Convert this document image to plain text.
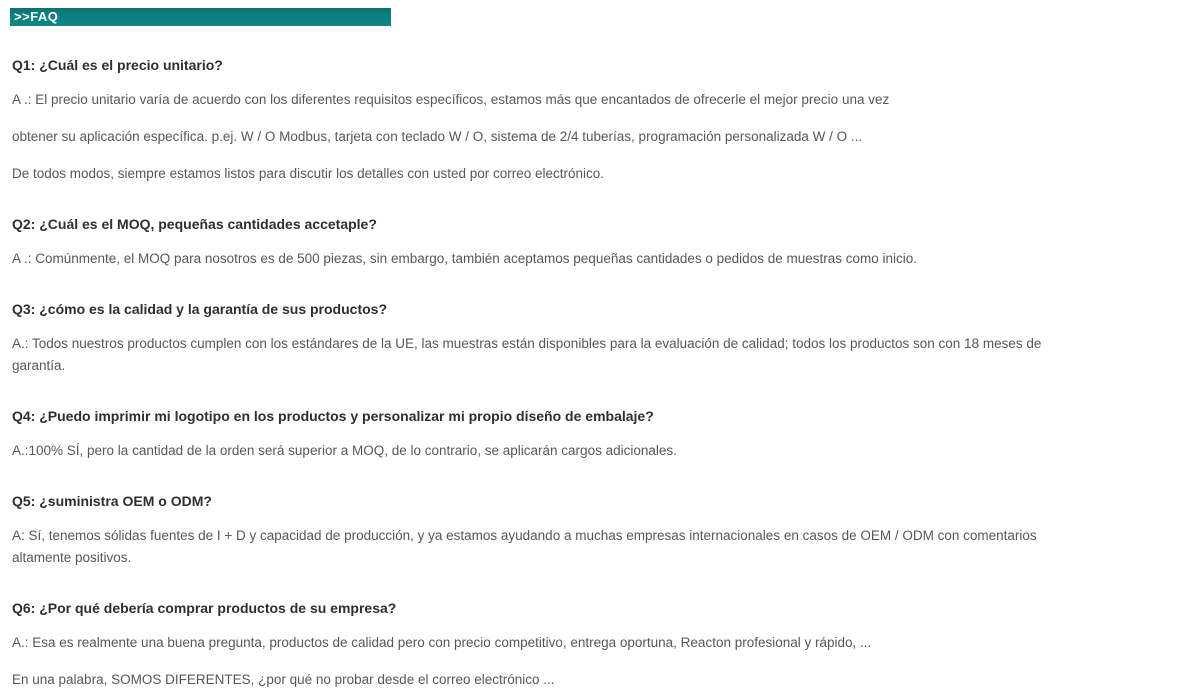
>>FAQ
Q1: ¿Cuál es el precio unitario?

A .: El precio unitario varía de acuerdo con los diferentes requisitos específicos, estamos más que encantados de ofrecerle el mejor precio una vez

obtener su aplicación específica. p.ej. W / O Modbus, tarjeta con teclado W / O, sistema de 2/4 tuberías, programación personalizada W / O ...

De todos modos, siempre estamos listos para discutir los detalles con usted por correo electrónico.

Q2: ¿Cuál es el MOQ, pequeñas cantidades accetaple?

A .: Comúnmente, el MOQ para nosotros es de 500 piezas, sin embargo, también aceptamos pequeñas cantidades o pedidos de muestras como inicio.

Q3: ¿cómo es la calidad y la garantía de sus productos?

A.: Todos nuestros productos cumplen con los estándares de la UE, las muestras están disponibles para la evaluación de calidad; todos los productos son con 18 meses de garantía.

Q4: ¿Puedo imprimir mi logotipo en los productos y personalizar mi propio diseño de embalaje?

A.:100% SÍ, pero la cantidad de la orden será superior a MOQ, de lo contrario, se aplicarán cargos adicionales.

Q5: ¿suministra OEM o ODM?

A: Sí, tenemos sólidas fuentes de I + D y capacidad de producción, y ya estamos ayudando a muchas empresas internacionales en casos de OEM / ODM con comentarios altamente positivos.

Q6: ¿Por qué debería comprar productos de su empresa?

A.: Esa es realmente una buena pregunta, productos de calidad pero con precio competitivo, entrega oportuna, Reacton profesional y rápido, ...

En una palabra, SOMOS DIFERENTES, ¿por qué no probar desde el correo electrónico ...
